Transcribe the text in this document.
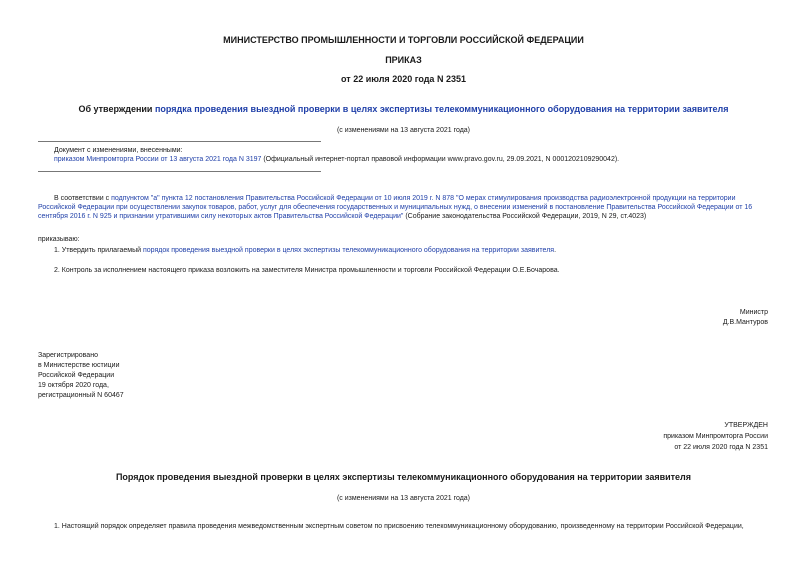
МИНИСТЕРСТВО ПРОМЫШЛЕННОСТИ И ТОРГОВЛИ РОССИЙСКОЙ ФЕДЕРАЦИИ
ПРИКАЗ
от 22 июля 2020 года N 2351
Об утверждении порядка проведения выездной проверки в целях экспертизы телекоммуникационного оборудования на территории заявителя
(с изменениями на 13 августа 2021 года)
Документ с изменениями, внесенными:
приказом Минпромторга России от 13 августа 2021 года N 3197 (Официальный интернет-портал правовой информации www.pravo.gov.ru, 29.09.2021, N 0001202109290042).
В соответствии с подпунктом "а" пункта 12 постановления Правительства Российской Федерации от 10 июля 2019 г. N 878 "О мерах стимулирования производства радиоэлектронной продукции на территории Российской Федерации при осуществлении закупок товаров, работ, услуг для обеспечения государственных и муниципальных нужд, о внесении изменений в постановление Правительства Российской Федерации от 16 сентября 2016 г. N 925 и признании утратившими силу некоторых актов Правительства Российской Федерации" (Собрание законодательства Российской Федерации, 2019, N 29, ст.4023)
приказываю:
1. Утвердить прилагаемый порядок проведения выездной проверки в целях экспертизы телекоммуникационного оборудования на территории заявителя.
2. Контроль за исполнением настоящего приказа возложить на заместителя Министра промышленности и торговли Российской Федерации О.Е.Бочарова.
Министр
Д.В.Мантуров
Зарегистрировано
в Министерстве юстиции
Российской Федерации
19 октября 2020 года,
регистрационный N 60467
УТВЕРЖДЕН
приказом Минпромторга России
от 22 июля 2020 года N 2351
Порядок проведения выездной проверки в целях экспертизы телекоммуникационного оборудования на территории заявителя
(с изменениями на 13 августа 2021 года)
1. Настоящий порядок определяет правила проведения межведомственным экспертным советом по присвоению телекоммуникационному оборудованию, произведенному на территории Российской Федерации,
